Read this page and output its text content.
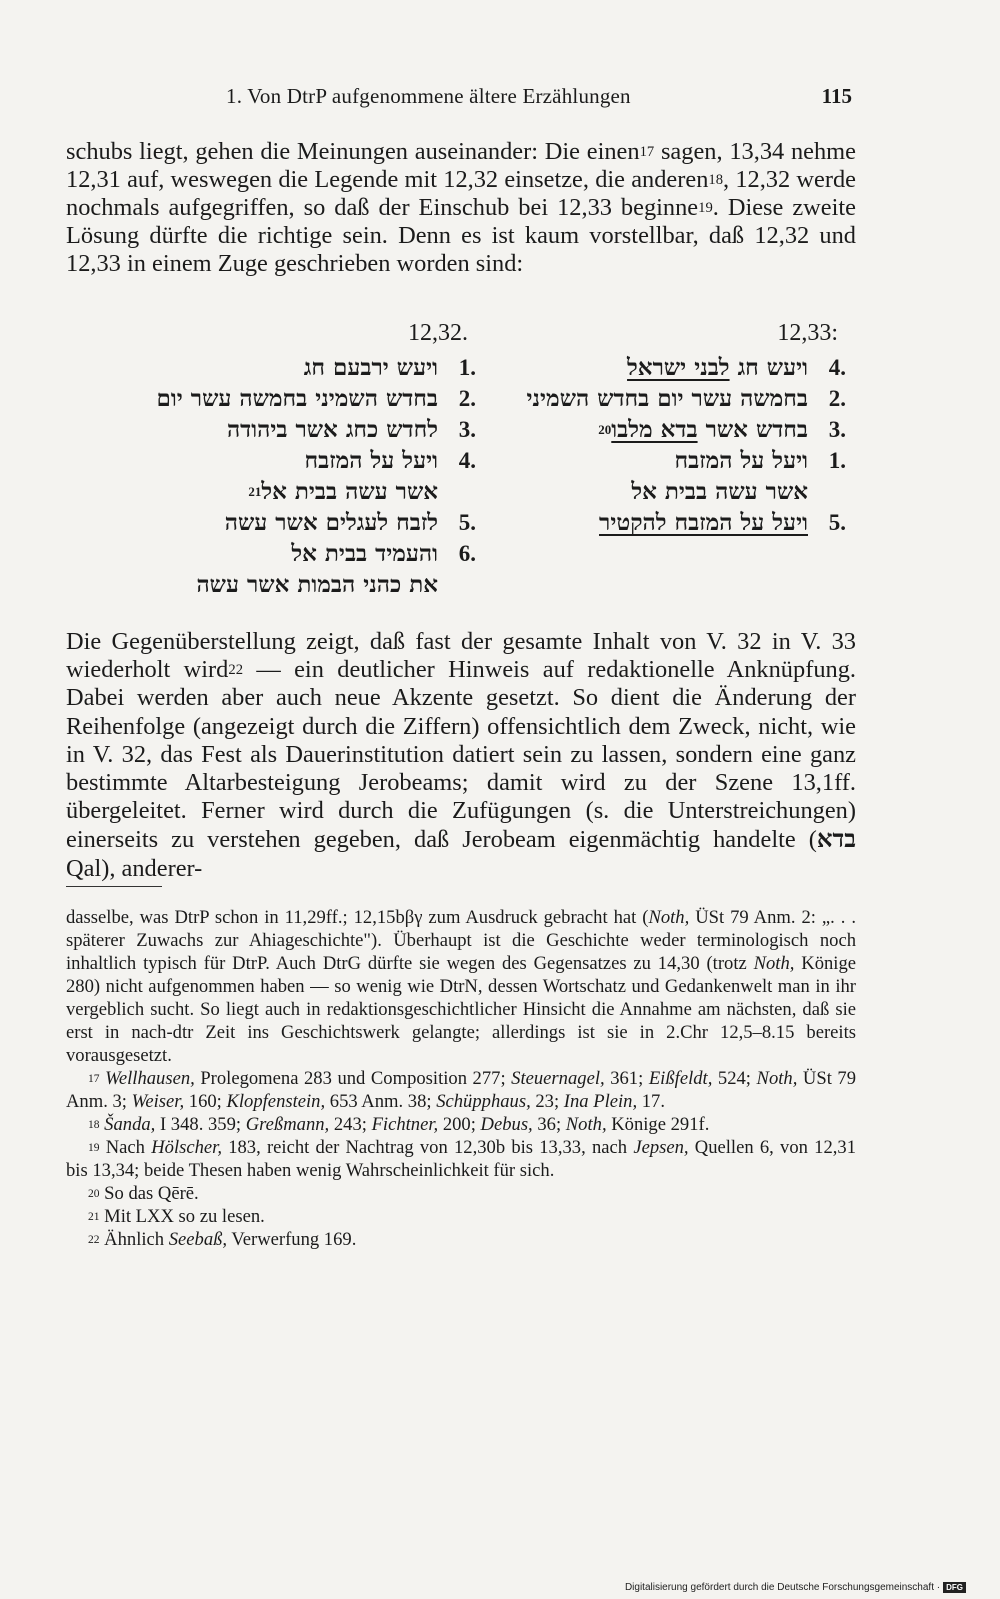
1. Von DtrP aufgenommene ältere Erzählungen	115

schubs liegt, gehen die Meinungen auseinander: Die einen$^{17}$ sagen, 13,34 nehme 12,31 auf, weswegen die Legende mit 12,32 einsetze, die anderen$^{18}$, 12,32 werde nochmals aufgegriffen, so daß der Einschub bei 12,33 beginne$^{19}$. Diese zweite Lösung dürfte die richtige sein. Denn es ist kaum vorstellbar, daß 12,32 und 12,33 in einem Zuge geschrieben worden sind:

12,32.
1.
ויעש ירבעם חג
2.
בחדש השמיני בחמשה עשר יום
3.
לחדש כחג אשר ביהודה
4.
ויעל על המזבח
אשר עשה בבית אל$^{21}$
5.
לזבח לעגלים אשר עשה
6.
והעמיד בבית אל
את כהני הבמות אשר עשה
12,33:
4.
ויעש חג לבני ישראל
2.
בחמשה עשר יום בחדש השמיני
3.
בחדש אשר בדא מלבו$^{20}$
1.
ויעל על המזבח
אשר עשה בבית אל
5.
ויעל על המזבח להקטיר

Die Gegenüberstellung zeigt, daß fast der gesamte Inhalt von V. 32 in V. 33 wiederholt wird$^{22}$ — ein deutlicher Hinweis auf redaktionelle Anknüpfung. Dabei werden aber auch neue Akzente gesetzt. So dient die Änderung der Reihenfolge (angezeigt durch die Ziffern) offensichtlich dem Zweck, nicht, wie in V. 32, das Fest als Dauerinstitution datiert sein zu lassen, sondern eine ganz bestimmte Altarbesteigung Jerobeams; damit wird zu der Szene 13,1ff. übergeleitet. Ferner wird durch die Zufügungen (s. die Unterstreichungen) einerseits zu verstehen gegeben, daß Jerobeam eigenmächtig handelte (בדא Qal), anderer-

dasselbe, was DtrP schon in 11,29ff.; 12,15bβγ zum Ausdruck gebracht hat (Noth, ÜSt 79 Anm. 2: „. . . späterer Zuwachs zur Ahiageschichte"). Überhaupt ist die Geschichte weder terminologisch noch inhaltlich typisch für DtrP. Auch DtrG dürfte sie wegen des Gegensatzes zu 14,30 (trotz Noth, Könige 280) nicht aufgenommen haben — so wenig wie DtrN, dessen Wortschatz und Gedankenwelt man in ihr vergeblich sucht. So liegt auch in redaktionsgeschichtlicher Hinsicht die Annahme am nächsten, daß sie erst in nach-dtr Zeit ins Geschichtswerk gelangte; allerdings ist sie in 2.Chr 12,5–8.15 bereits vorausgesetzt.

$^{17}$ Wellhausen, Prolegomena 283 und Composition 277; Steuernagel, 361; Eißfeldt, 524; Noth, ÜSt 79 Anm. 3; Weiser, 160; Klopfenstein, 653 Anm. 38; Schüpphaus, 23; Ina Plein, 17.

$^{18}$ Šanda, I 348. 359; Greßmann, 243; Fichtner, 200; Debus, 36; Noth, Könige 291f.

$^{19}$ Nach Hölscher, 183, reicht der Nachtrag von 12,30b bis 13,33, nach Jepsen, Quellen 6, von 12,31 bis 13,34; beide Thesen haben wenig Wahrscheinlichkeit für sich.

$^{20}$ So das Qērē.

$^{21}$ Mit LXX so zu lesen.

$^{22}$ Ähnlich Seebaß, Verwerfung 169.

Digitalisierung gefördert durch die Deutsche Forschungsgemeinschaft · DFG
